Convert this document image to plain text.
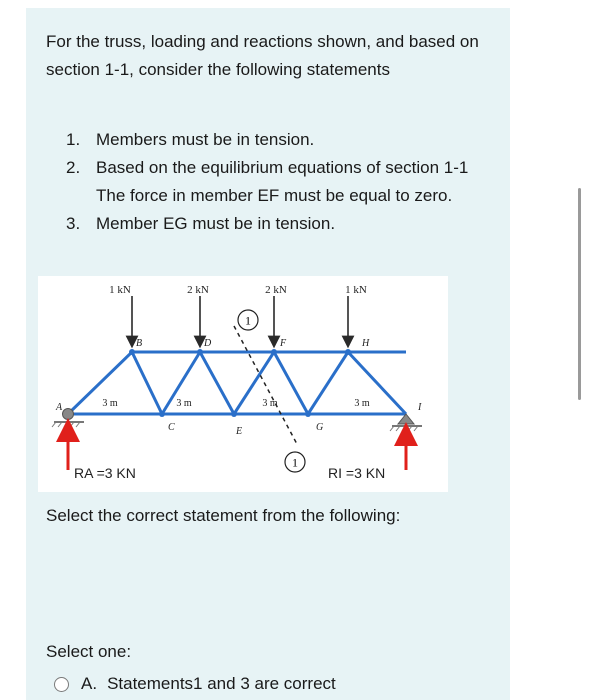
For the truss, loading and reactions shown, and based on section 1-1, consider the following statements

1. Members must be in tension.
2. Based on the equilibrium equations of section 1-1 The force in member EF must be equal to zero.
3. Member EG must be in tension.
1 kN	2 kN	2 kN	1 kN
B	D	F	H
A
C	E	G
I
3 m	3 m	3 m	3 m
1
1
RA =3 KN	RI =3 KN

Select the correct statement from the following:

Select one:

A. Statements1 and 3 are correct
